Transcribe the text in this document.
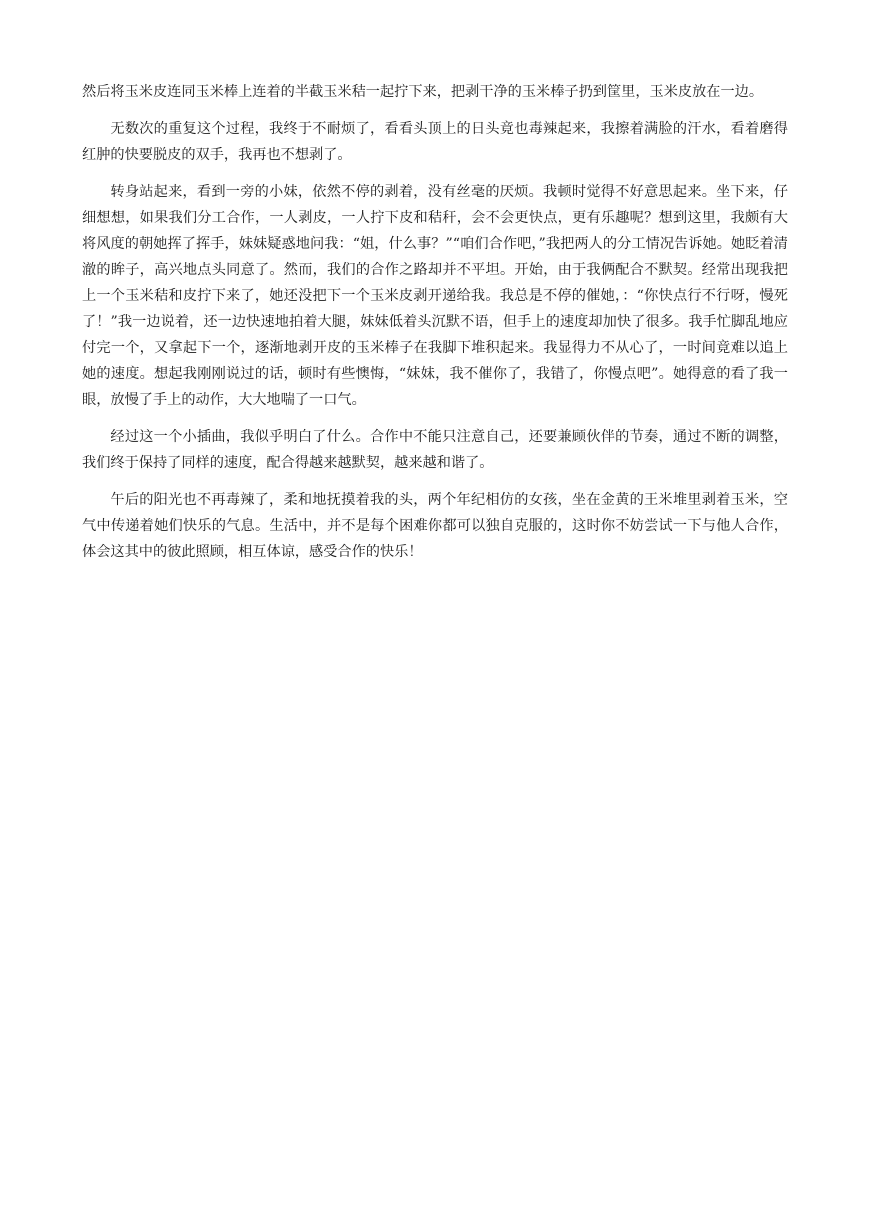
然后将玉米皮连同玉米棒上连着的半截玉米秸一起拧下来，把剥干净的玉米棒子扔到筐里，玉米皮放在一边。

无数次的重复这个过程，我终于不耐烦了，看看头顶上的日头竟也毒辣起来，我擦着满脸的汗水，看着磨得红肿的快要脱皮的双手，我再也不想剥了。

转身站起来，看到一旁的小妹，依然不停的剥着，没有丝毫的厌烦。我顿时觉得不好意思起来。坐下来，仔细想想，如果我们分工合作，一人剥皮，一人拧下皮和秸秆，会不会更快点，更有乐趣呢？想到这里，我颇有大将风度的朝她挥了挥手，妹妹疑惑地问我：“姐，什么事？”“咱们合作吧，”我把两人的分工情况告诉她。她眨着清澈的眸子，高兴地点头同意了。然而，我们的合作之路却并不平坦。开始，由于我俩配合不默契。经常出现我把上一个玉米秸和皮拧下来了，她还没把下一个玉米皮剥开递给我。我总是不停的催她，：“你快点行不行呀，慢死了！”我一边说着，还一边快速地拍着大腿，妹妹低着头沉默不语，但手上的速度却加快了很多。我手忙脚乱地应付完一个，又拿起下一个，逐渐地剥开皮的玉米棒子在我脚下堆积起来。我显得力不从心了，一时间竟难以追上她的速度。想起我刚刚说过的话，顿时有些懊悔，“妹妹，我不催你了，我错了，你慢点吧”。她得意的看了我一眼，放慢了手上的动作，大大地喘了一口气。

经过这一个小插曲，我似乎明白了什么。合作中不能只注意自己，还要兼顾伙伴的节奏，通过不断的调整，我们终于保持了同样的速度，配合得越来越默契，越来越和谐了。

午后的阳光也不再毒辣了，柔和地抚摸着我的头，两个年纪相仿的女孩，坐在金黄的王米堆里剥着玉米，空气中传递着她们快乐的气息。生活中，并不是每个困难你都可以独自克服的，这时你不妨尝试一下与他人合作，体会这其中的彼此照顾，相互体谅，感受合作的快乐！
